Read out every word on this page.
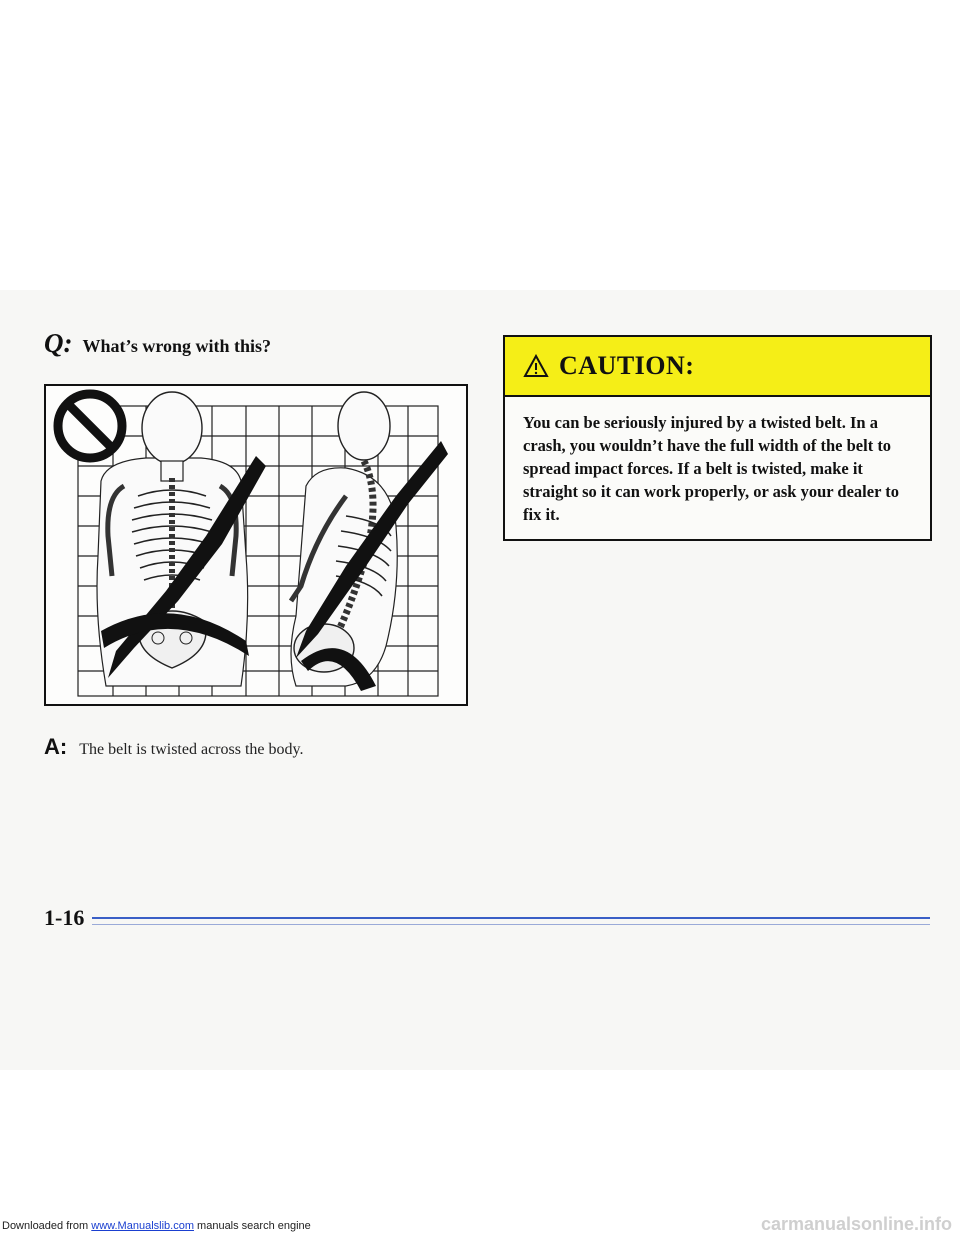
Q: What’s wrong with this?
A: The belt is twisted across the body.
CAUTION:
You can be seriously injured by a twisted belt. In a crash, you wouldn’t have the full width of the belt to spread impact forces. If a belt is twisted, make it straight so it can work properly, or ask your dealer to fix it.
1-16
Downloaded from www.Manualslib.com manuals search engine	carmanualsonline.info
